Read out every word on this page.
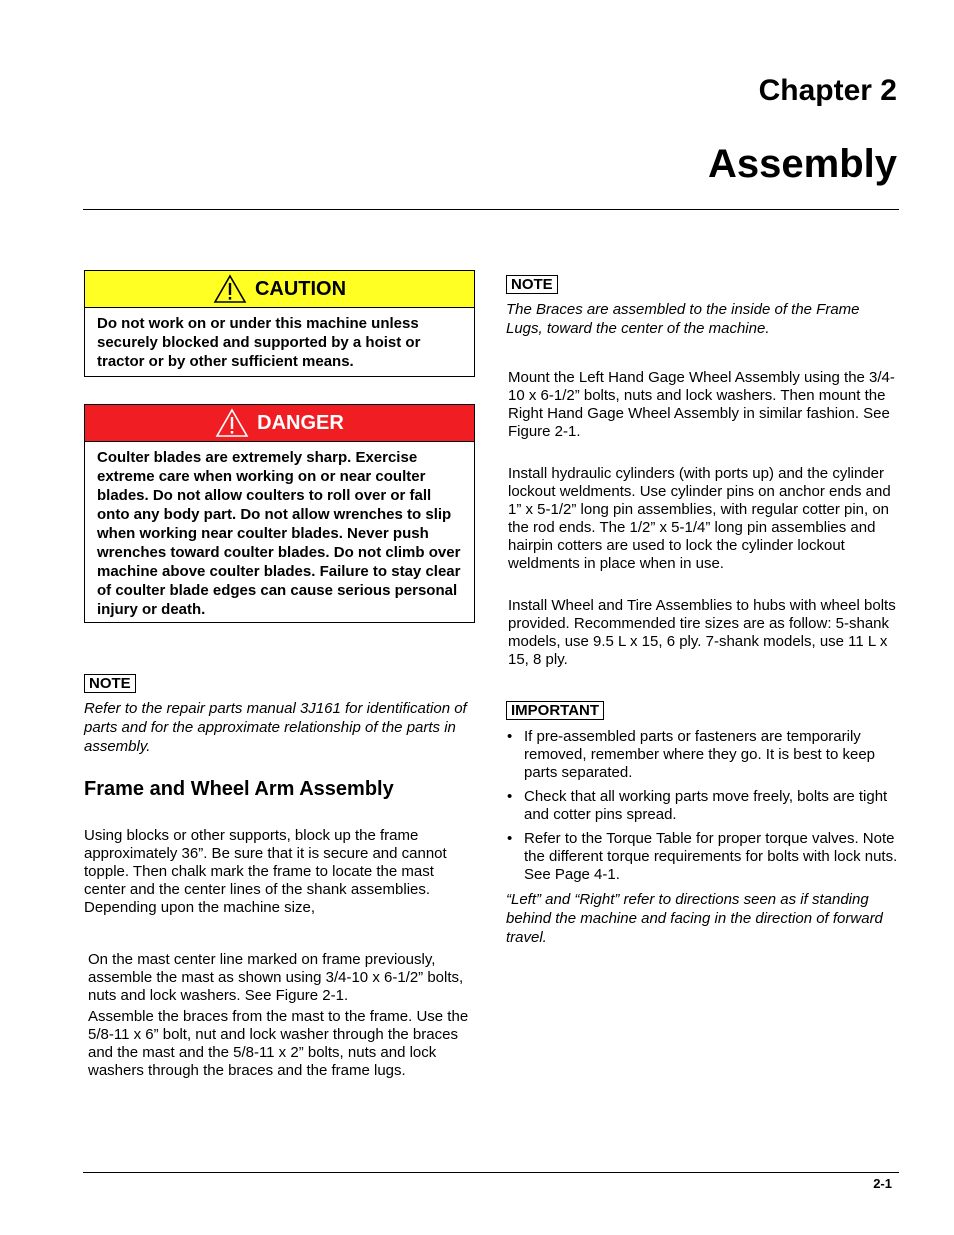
Chapter 2
Assembly
CAUTION
Do not work on or under this machine unless securely blocked and supported by a hoist or tractor or by other sufficient means.
DANGER
Coulter blades are extremely sharp. Exercise extreme care when working on or near coulter blades. Do not allow coulters to roll over or fall onto any body part. Do not allow wrenches to slip when working near coulter blades. Never push wrenches toward coulter blades. Do not climb over machine above coulter blades. Failure to stay clear of coulter blade edges can cause serious personal injury or death.
NOTE
Refer to the repair parts manual 3J161 for identification of parts and for the approximate relationship of the parts in assembly.
Frame and Wheel Arm Assembly
Using blocks or other supports, block up the frame approximately 36”. Be sure that it is secure and cannot topple. Then chalk mark the frame to locate the mast center and the center lines of the shank assemblies. Depending upon the machine size,
On the mast center line marked on frame previously, assemble the mast as shown using 3/4-10 x 6-1/2” bolts, nuts and lock washers. See Figure 2-1.
Assemble the braces from the mast to the frame. Use the 5/8-11 x 6” bolt, nut and lock washer through the braces and the mast and the 5/8-11 x 2” bolts, nuts and lock washers through the braces and the frame lugs.
NOTE
The Braces are assembled to the inside of the Frame Lugs, toward the center of the machine.
Mount the Left Hand Gage Wheel Assembly using the 3/4-10 x 6-1/2” bolts, nuts and lock washers. Then mount the Right Hand Gage Wheel Assembly in similar fashion. See Figure 2-1.
Install hydraulic cylinders (with ports up) and the cylinder lockout weldments. Use cylinder pins on anchor ends and 1” x 5-1/2” long pin assemblies, with regular cotter pin, on the rod ends. The 1/2” x 5-1/4” long pin assemblies and hairpin cotters are used to lock the cylinder lockout weldments in place when in use.
Install Wheel and Tire Assemblies to hubs with wheel bolts provided. Recommended tire sizes are as follow: 5-shank models, use 9.5 L x 15, 6 ply. 7-shank models, use 11 L x 15, 8 ply.
IMPORTANT
• If pre-assembled parts or fasteners are temporarily removed, remember where they go. It is best to keep parts separated.
• Check that all working parts move freely, bolts are tight and cotter pins spread.
• Refer to the Torque Table for proper torque valves. Note the different torque requirements for bolts with lock nuts. See Page 4-1.
“Left” and “Right” refer to directions seen as if standing behind the machine and facing in the direction of forward travel.
2-1
